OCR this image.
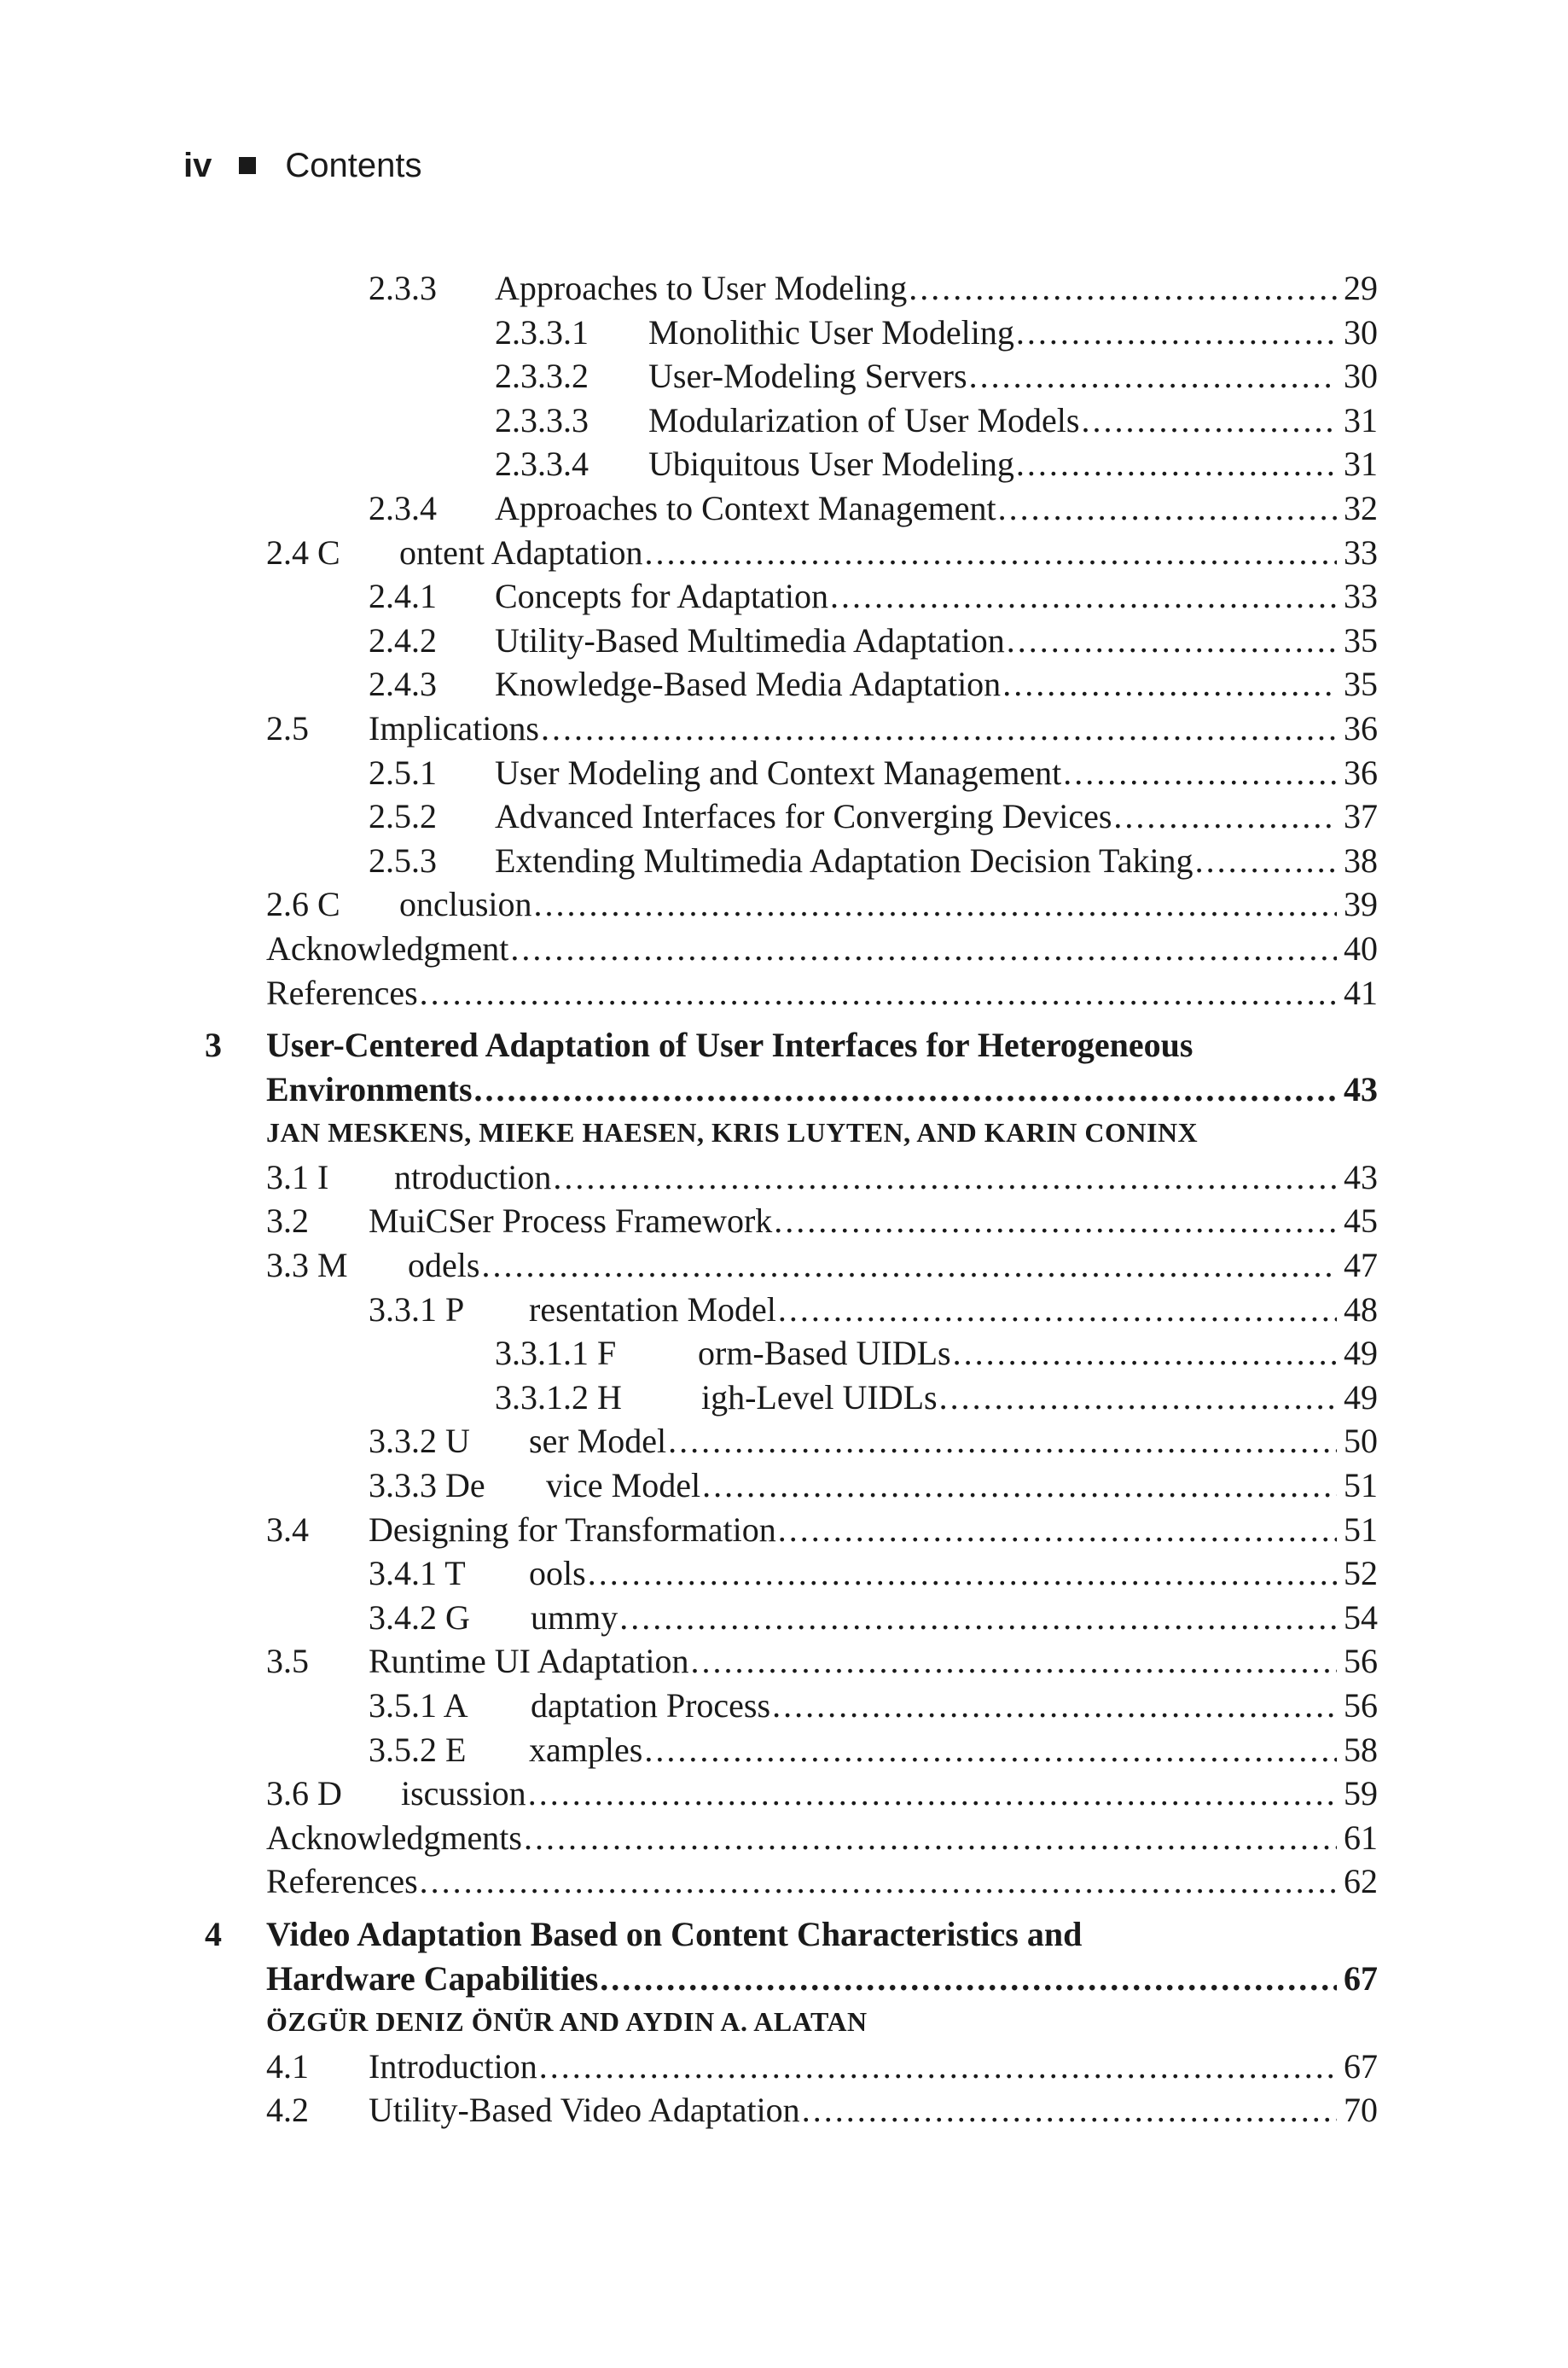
iv Contents
2.3.3 Approaches to User Modeling .....	29
2.3.3.1 Monolithic User Modeling .....	30
2.3.3.2 User-Modeling Servers .....	30
2.3.3.3 Modularization of User Models .....	31
2.3.3.4 Ubiquitous User Modeling .....	31
2.3.4 Approaches to Context Management .....	32
2.4 C ontent Adaptation .....	33
2.4.1 Concepts for Adaptation .....	33
2.4.2 Utility-Based Multimedia Adaptation .....	35
2.4.3 Knowledge-Based Media Adaptation .....	35
2.5 Implications .....	36
2.5.1 User Modeling and Context Management .....	36
2.5.2 Advanced Interfaces for Converging Devices .....	37
2.5.3 Extending Multimedia Adaptation Decision Taking .....	38
2.6 C onclusion .....	39
Acknowledgment .....	40
References .....	41
3	User-Centered Adaptation of User Interfaces for Heterogeneous
Environments .....	43
JAN MESKENS, MIEKE HAESEN, KRIS LUYTEN, AND KARIN CONINX
3.1 I ntroduction .....	43
3.2 MuiCSer Process Framework .....	45
3.3 M odels .....	47
3.3.1 P resentation Model .....	48
3.3.1.1 F orm-Based UIDLs .....	49
3.3.1.2 H igh-Level UIDLs .....	49
3.3.2 U ser Model .....	50
3.3.3 De vice Model .....	51
3.4 Designing for Transformation .....	51
3.4.1 T ools .....	52
3.4.2 G ummy .....	54
3.5 Runtime UI Adaptation .....	56
3.5.1 A daptation Process .....	56
3.5.2 E xamples .....	58
3.6 D iscussion .....	59
Acknowledgments .....	61
References .....	62
4	Video Adaptation Based on Content Characteristics and
Hardware Capabilities .....	67
ÖZGÜR DENIZ ÖNÜR AND AYDIN A. ALATAN
4.1 Introduction .....	67
4.2 Utility-Based Video Adaptation .....	70
